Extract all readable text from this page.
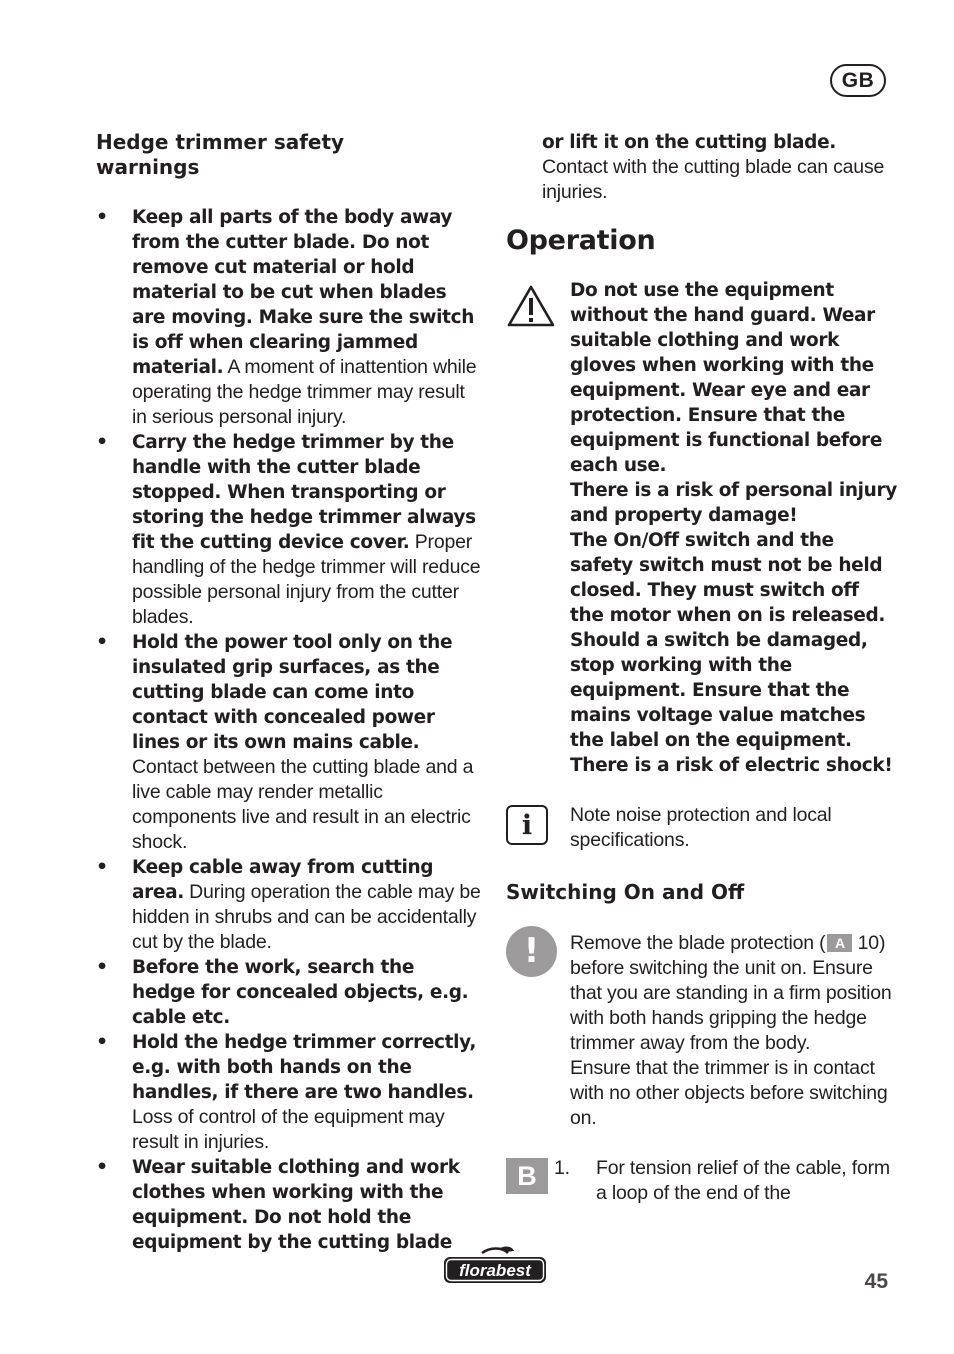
GB
Hedge trimmer safety warnings
•	Keep all parts of the body away from the cutter blade. Do not remove cut material or hold material to be cut when blades are moving. Make sure the switch is off when clearing jammed material. A moment of inattention while operating the hedge trimmer may result in serious personal injury.
•	Carry the hedge trimmer by the handle with the cutter blade stopped. When transporting or storing the hedge trimmer always fit the cutting device cover. Proper handling of the hedge trimmer will reduce possible personal injury from the cutter blades.
•	Hold the power tool only on the insulated grip surfaces, as the cutting blade can come into contact with concealed power lines or its own mains cable. Contact between the cutting blade and a live cable may render metallic components live and result in an electric shock.
•	Keep cable away from cutting area. During operation the cable may be hidden in shrubs and can be accidentally cut by the blade.
•	Before the work, search the hedge for concealed objects, e.g. cable etc.
•	Hold the hedge trimmer correctly, e.g. with both hands on the handles, if there are two handles. Loss of control of the equipment may result in injuries.
•	Wear suitable clothing and work clothes when working with the equipment. Do not hold the equipment by the cutting blade
or lift it on the cutting blade. Contact with the cutting blade can cause injuries.
Operation
Do not use the equipment without the hand guard. Wear suitable clothing and work gloves when working with the equipment. Wear eye and ear protection. Ensure that the equipment is functional before each use.
There is a risk of personal injury and property damage!
The On/Off switch and the safety switch must not be held closed. They must switch off the motor when on is released. Should a switch be damaged, stop working with the equipment. Ensure that the mains voltage value matches the label on the equipment.
There is a risk of electric shock!
i	Note noise protection and local specifications.
Switching On and Off
!	Remove the blade protection ( A 10) before switching the unit on. Ensure that you are standing in a firm position with both hands gripping the hedge trimmer away from the body.
Ensure that the trimmer is in contact with no other objects before switching on.
B 1. For tension relief of the cable, form a loop of the end of the
florabest	45
